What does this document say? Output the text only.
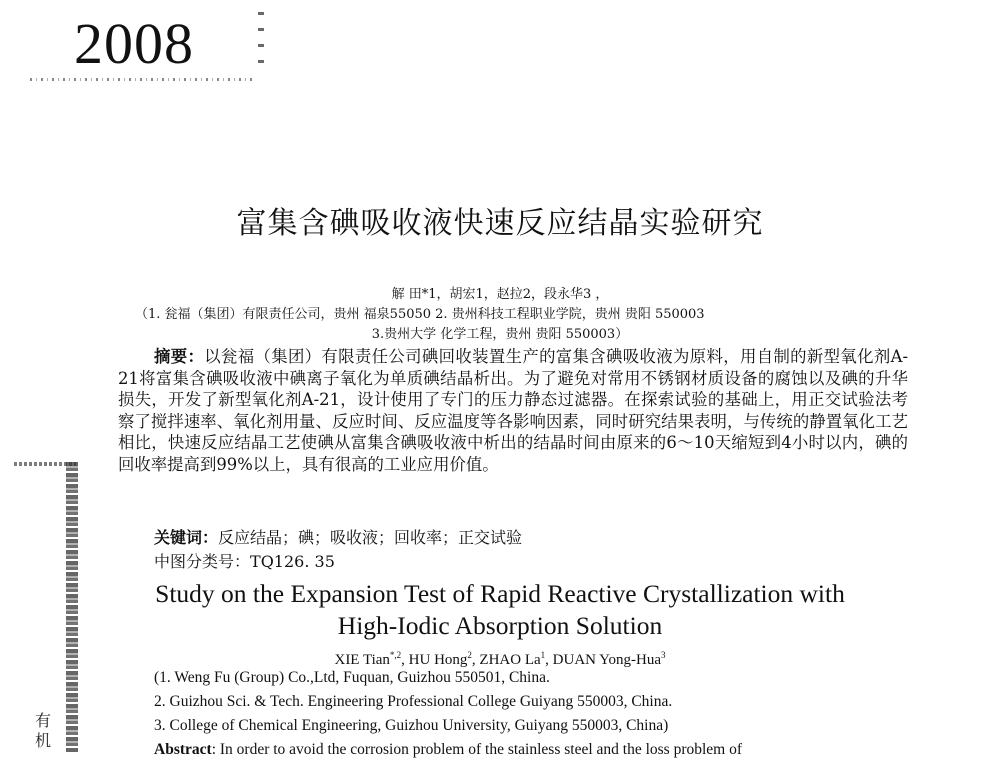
2008
有
机
富集含碘吸收液快速反应结晶实验研究
解 田*1，胡宏1，赵拉2，段永华3 ，
（1. 瓮福（集团）有限责任公司，贵州 福泉55050 2. 贵州科技工程职业学院，贵州 贵阳 550003
3.贵州大学 化学工程，贵州 贵阳 550003）

摘要：以瓮福（集团）有限责任公司碘回收装置生产的富集含碘吸收液为原料，用自制的新型氧化剂A-21将富集含碘吸收液中碘离子氧化为单质碘结晶析出。为了避免对常用不锈钢材质设备的腐蚀以及碘的升华损失，开发了新型氧化剂A-21，设计使用了专门的压力静态过滤器。在探索试验的基础上，用正交试验法考察了搅拌速率、氧化剂用量、反应时间、反应温度等各影响因素，同时研究结果表明，与传统的静置氧化工艺相比，快速反应结晶工艺使碘从富集含碘吸收液中析出的结晶时间由原来的6～10天缩短到4小时以内，碘的回收率提高到99%以上，具有很高的工业应用价值。

关键词：反应结晶；碘；吸收液；回收率；正交试验
中图分类号：TQ126. 35
Study on the Expansion Test of Rapid Reactive Crystallization with
High-Iodic Absorption Solution
XIE Tian$^{*,2}$, HU Hong$^2$, ZHAO La$^1$, DUAN Yong-Hua$^3$
(1. Weng Fu (Group) Co.,Ltd, Fuquan, Guizhou 550501, China.
2. Guizhou Sci. & Tech. Engineering Professional College Guiyang 550003, China.
3. College of Chemical Engineering, Guizhou University, Guiyang 550003, China)
Abstract: In order to avoid the corrosion problem of the stainless steel and the loss problem of
